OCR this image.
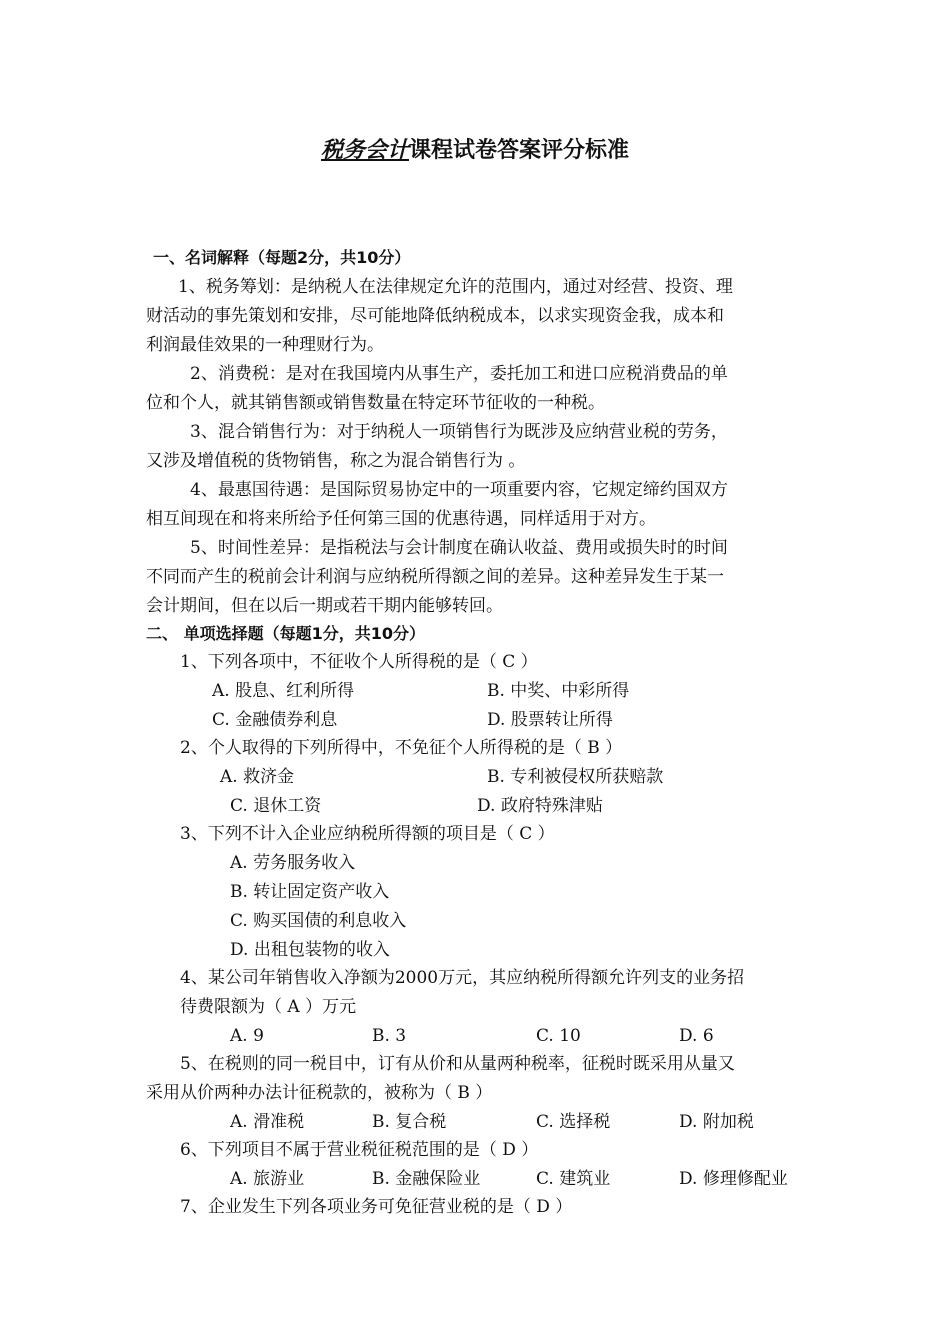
税务会计课程试卷答案评分标准
一、名词解释（每题2分，共10分）
1、税务筹划：是纳税人在法律规定允许的范围内，通过对经营、投资、理
财活动的事先策划和安排，尽可能地降低纳税成本，以求实现资金我，成本和
利润最佳效果的一种理财行为。
2、消费税：是对在我国境内从事生产，委托加工和进口应税消费品的单
位和个人，就其销售额或销售数量在特定环节征收的一种税。
3、混合销售行为：对于纳税人一项销售行为既涉及应纳营业税的劳务，
又涉及增值税的货物销售，称之为混合销售行为 。
4、最惠国待遇：是国际贸易协定中的一项重要内容，它规定缔约国双方
相互间现在和将来所给予任何第三国的优惠待遇，同样适用于对方。
5、时间性差异：是指税法与会计制度在确认收益、费用或损失时的时间
不同而产生的税前会计利润与应纳税所得额之间的差异。这种差异发生于某一
会计期间，但在以后一期或若干期内能够转回。
二、 单项选择题（每题1分，共10分）
1、下列各项中，不征收个人所得税的是（ C ）
A. 股息、红利所得	B. 中奖、中彩所得
C. 金融债券利息	D. 股票转让所得
2、个人取得的下列所得中，不免征个人所得税的是（ B ）
A. 救济金	B. 专利被侵权所获赔款
C. 退休工资	D. 政府特殊津贴
3、下列不计入企业应纳税所得额的项目是（ C ）
A. 劳务服务收入
B. 转让固定资产收入
C. 购买国债的利息收入
D. 出租包装物的收入
4、某公司年销售收入净额为2000万元，其应纳税所得额允许列支的业务招
待费限额为（ A ）万元
A. 9	B. 3	C. 10	D. 6
5、在税则的同一税目中，订有从价和从量两种税率，征税时既采用从量又
采用从价两种办法计征税款的，被称为（ B ）
A. 滑准税	B. 复合税	C. 选择税	D. 附加税
6、下列项目不属于营业税征税范围的是（ D ）
A. 旅游业	B. 金融保险业	C. 建筑业	D. 修理修配业
7、企业发生下列各项业务可免征营业税的是（ D ）
